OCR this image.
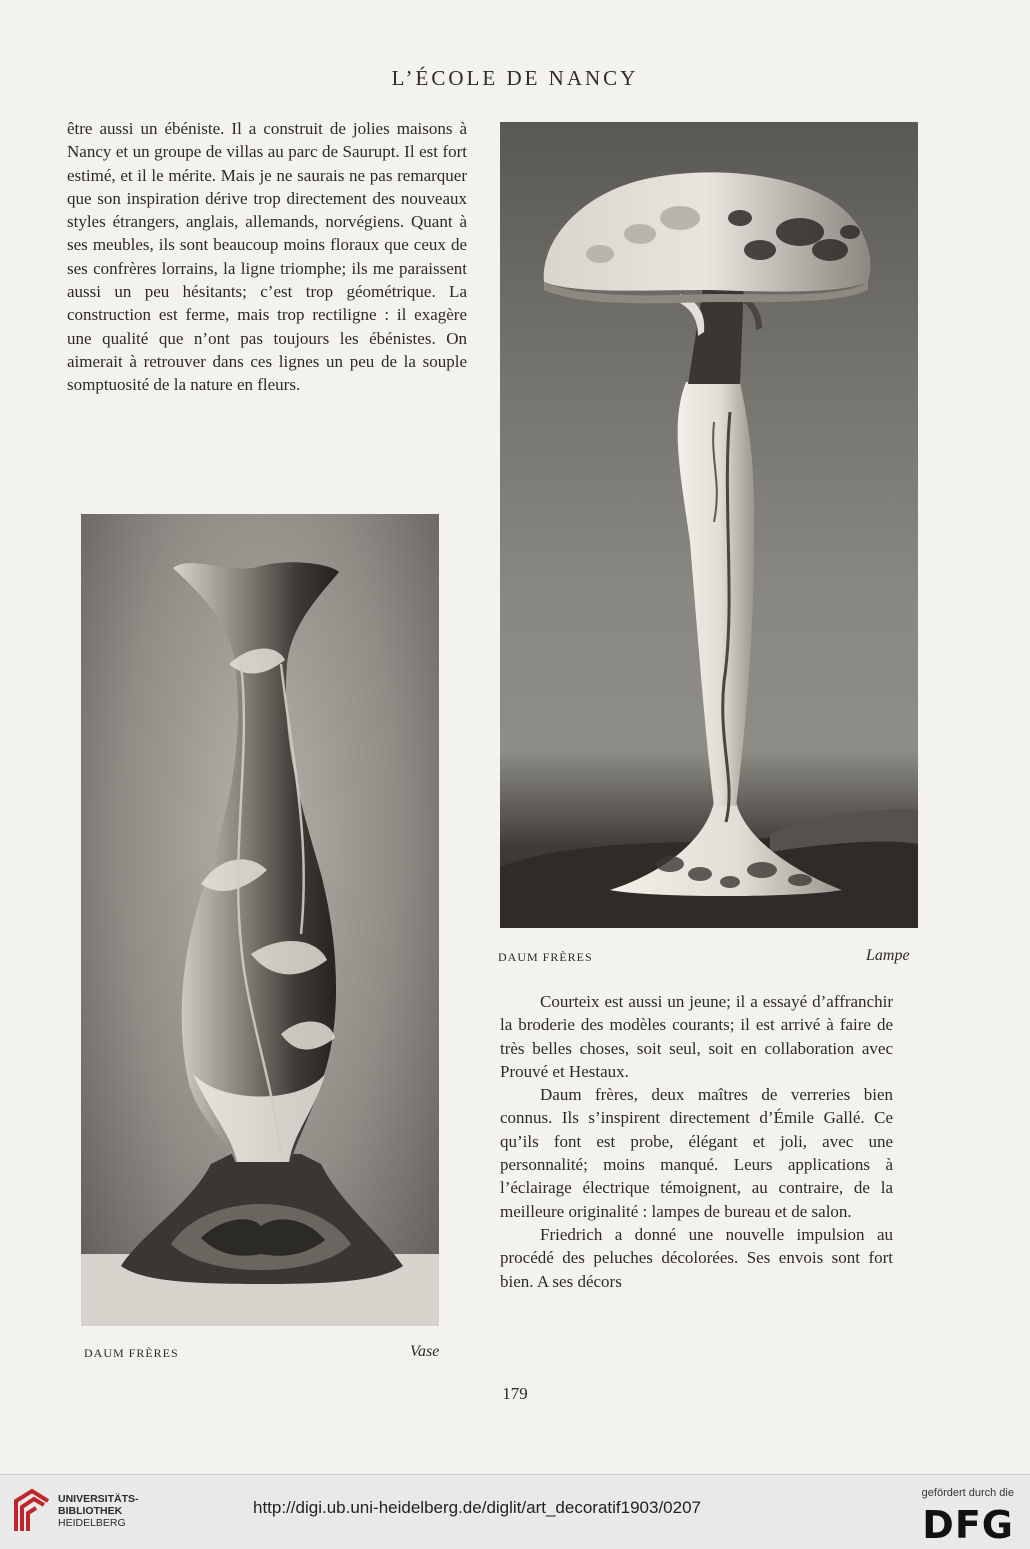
L’ÉCOLE DE NANCY

être aussi un ébéniste. Il a construit de jolies maisons à Nancy et un groupe de villas au parc de Saurupt. Il est fort estimé, et il le mérite. Mais je ne saurais ne pas remarquer que son inspiration dérive trop directement des nouveaux styles étrangers, anglais, allemands, norvégiens. Quant à ses meubles, ils sont beaucoup moins floraux que ceux de ses confrères lorrains, la ligne triomphe; ils me paraissent aussi un peu hésitants; c’est trop géométrique. La construction est ferme, mais trop rectiligne : il exagère une qualité que n’ont pas toujours les ébénistes. On aimerait à retrouver dans ces lignes un peu de la souple somptuosité de la nature en fleurs.

DAUM FRÈRES	Lampe
DAUM FRÈRES	Vase

Courteix est aussi un jeune; il a essayé d’affranchir la broderie des modèles courants; il est arrivé à faire de très belles choses, soit seul, soit en collaboration avec Prouvé et Hestaux.

Daum frères, deux maîtres de verreries bien connus. Ils s’inspirent directement d’Émile Gallé. Ce qu’ils font est probe, élégant et joli, avec une personnalité; moins manqué. Leurs applications à l’éclairage électrique témoignent, au contraire, de la meilleure originalité : lampes de bureau et de salon.

Friedrich a donné une nouvelle impulsion au procédé des peluches décolorées. Ses envois sont fort bien. A ses décors

179
UNIVERSITÄTS-
BIBLIOTHEK
HEIDELBERG
http://digi.ub.uni-heidelberg.de/diglit/art_decoratif1903/0207
gefördert durch die
DFG
